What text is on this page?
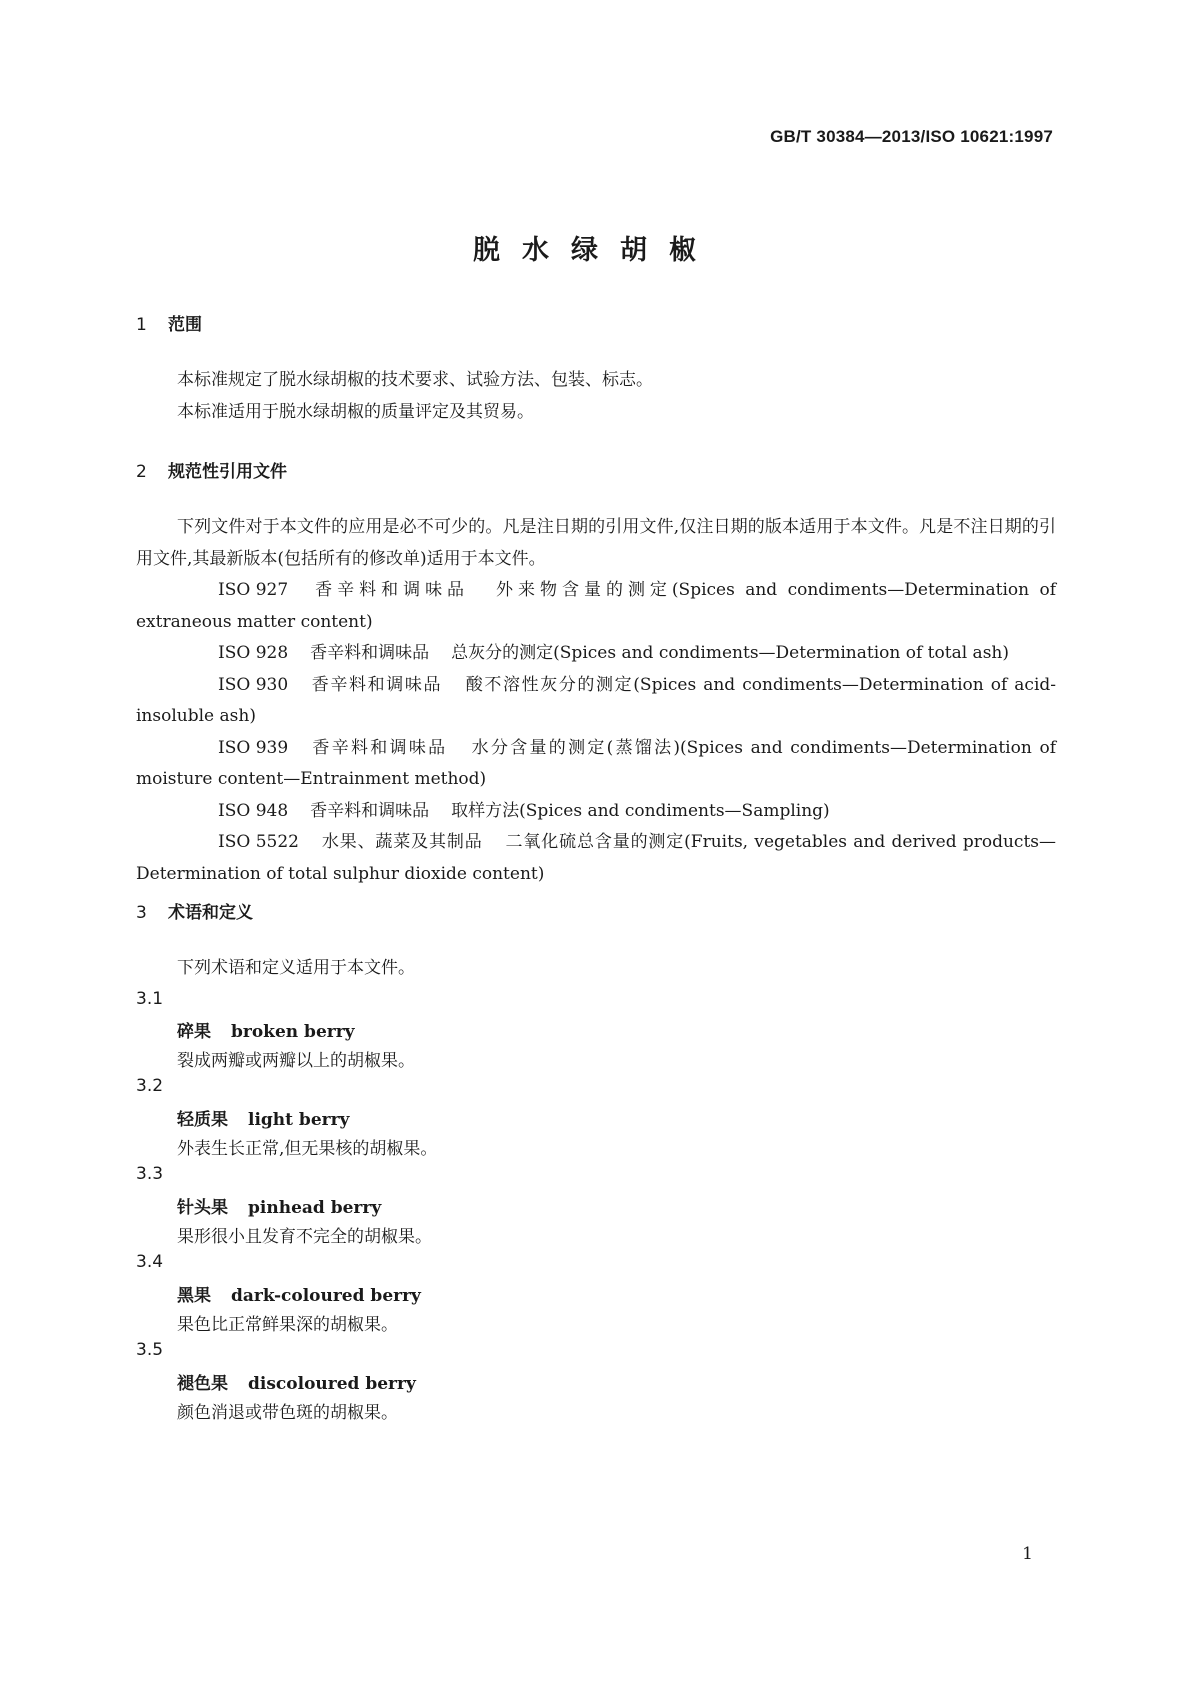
GB/T 30384—2013/ISO 10621:1997
脱水绿胡椒
1 范围
本标准规定了脱水绿胡椒的技术要求、试验方法、包装、标志。
本标准适用于脱水绿胡椒的质量评定及其贸易。
2 规范性引用文件
下列文件对于本文件的应用是必不可少的。凡是注日期的引用文件,仅注日期的版本适用于本文件。凡是不注日期的引用文件,其最新版本(包括所有的修改单)适用于本文件。
ISO 927 香辛料和调味品 外来物含量的测定(Spices and condiments—Determination of extraneous matter content)
ISO 928 香辛料和调味品 总灰分的测定(Spices and condiments—Determination of total ash)
ISO 930 香辛料和调味品 酸不溶性灰分的测定(Spices and condiments—Determination of acid-insoluble ash)
ISO 939 香辛料和调味品 水分含量的测定(蒸馏法)(Spices and condiments—Determination of moisture content—Entrainment method)
ISO 948 香辛料和调味品 取样方法(Spices and condiments—Sampling)
ISO 5522 水果、蔬菜及其制品 二氧化硫总含量的测定(Fruits, vegetables and derived products—Determination of total sulphur dioxide content)
3 术语和定义
下列术语和定义适用于本文件。
3.1
碎果 broken berry
裂成两瓣或两瓣以上的胡椒果。
3.2
轻质果 light berry
外表生长正常,但无果核的胡椒果。
3.3
针头果 pinhead berry
果形很小且发育不完全的胡椒果。
3.4
黑果 dark-coloured berry
果色比正常鲜果深的胡椒果。
3.5
褪色果 discoloured berry
颜色消退或带色斑的胡椒果。
1
